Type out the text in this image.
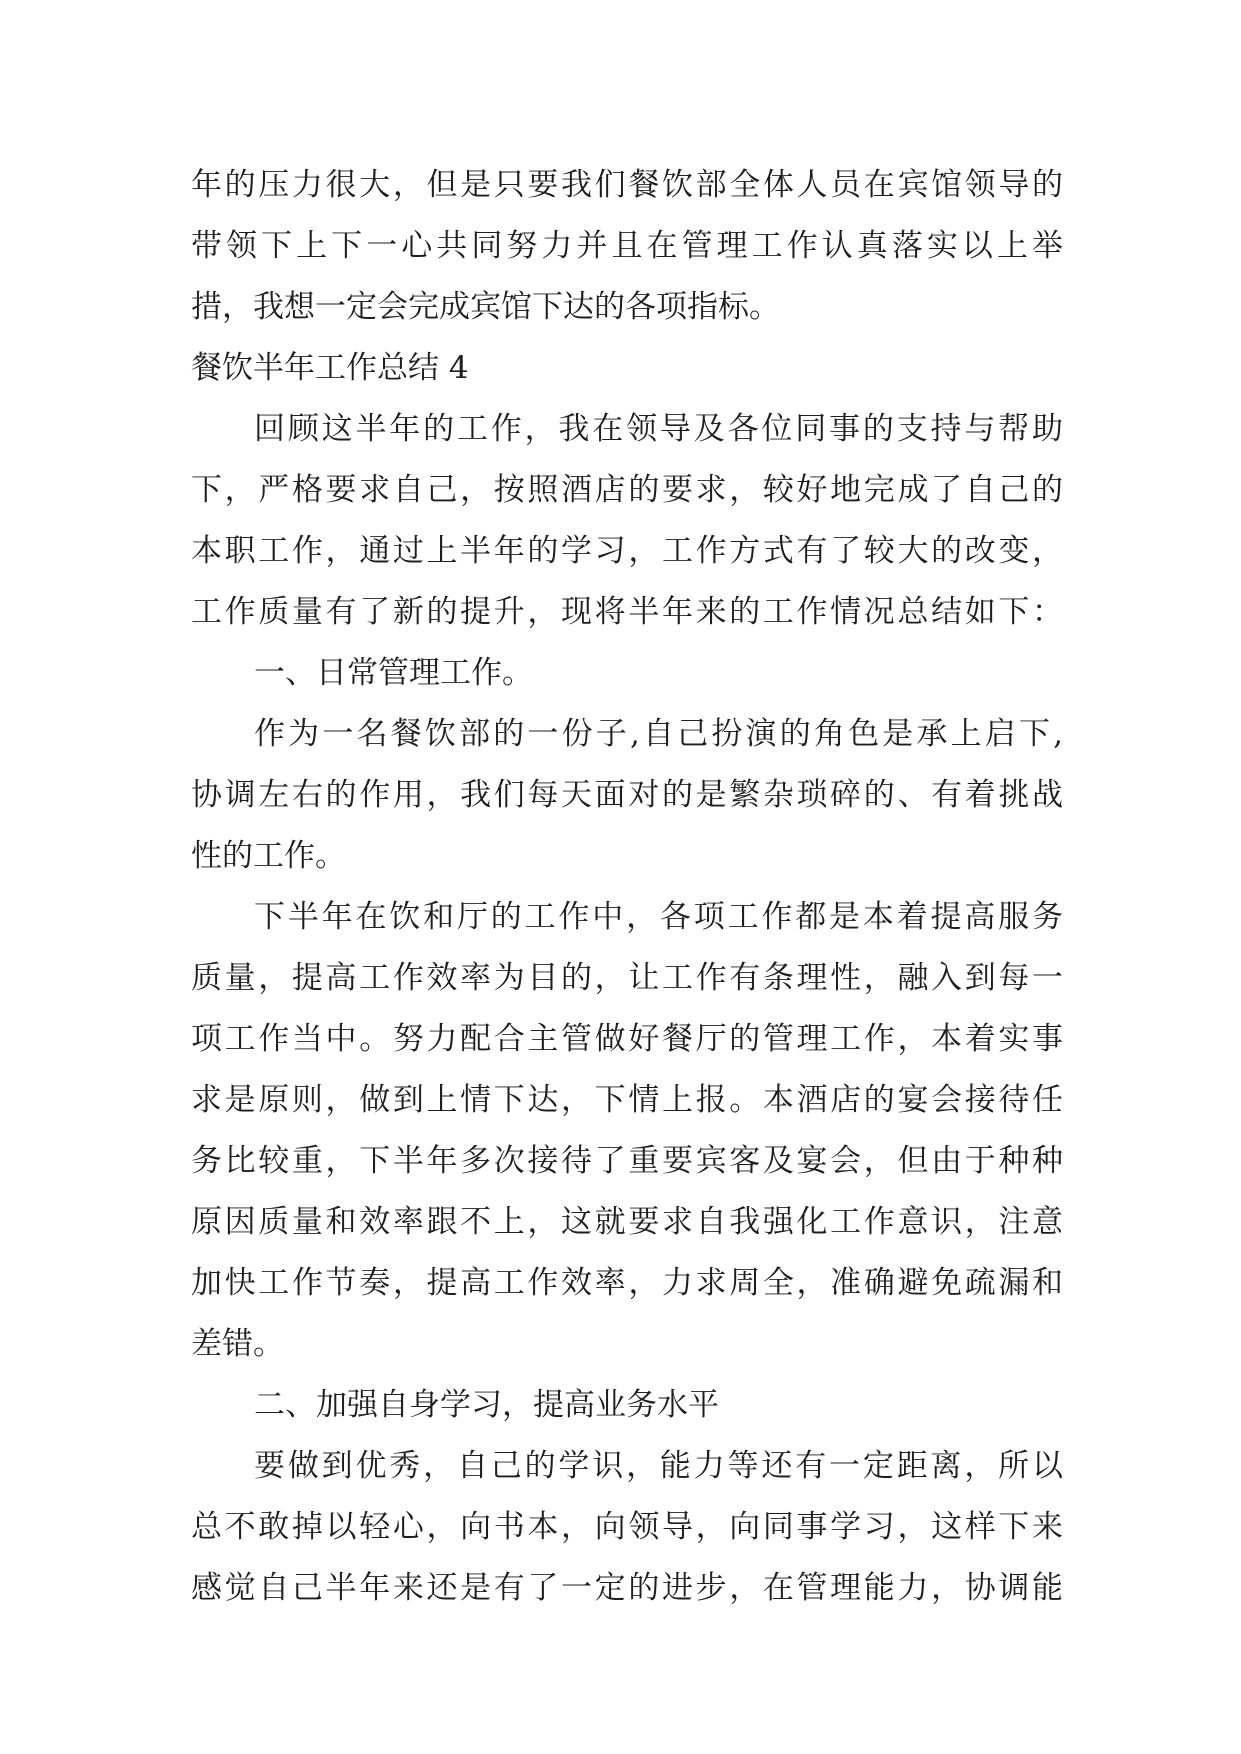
年的压力很大，但是只要我们餐饮部全体人员在宾馆领导的
带领下上下一心共同努力并且在管理工作认真落实以上举
措，我想一定会完成宾馆下达的各项指标。
餐饮半年工作总结 4
回顾这半年的工作，我在领导及各位同事的支持与帮助
下，严格要求自己，按照酒店的要求，较好地完成了自己的
本职工作，通过上半年的学习，工作方式有了较大的改变，
工作质量有了新的提升，现将半年来的工作情况总结如下：
一、日常管理工作。
作为一名餐饮部的一份子,自己扮演的角色是承上启下,
协调左右的作用，我们每天面对的是繁杂琐碎的、有着挑战
性的工作。
下半年在饮和厅的工作中，各项工作都是本着提高服务
质量，提高工作效率为目的，让工作有条理性，融入到每一
项工作当中。努力配合主管做好餐厅的管理工作，本着实事
求是原则，做到上情下达，下情上报。本酒店的宴会接待任
务比较重，下半年多次接待了重要宾客及宴会，但由于种种
原因质量和效率跟不上，这就要求自我强化工作意识，注意
加快工作节奏，提高工作效率，力求周全，准确避免疏漏和
差错。
二、加强自身学习，提高业务水平
要做到优秀，自己的学识，能力等还有一定距离，所以
总不敢掉以轻心，向书本，向领导，向同事学习，这样下来
感觉自己半年来还是有了一定的进步，在管理能力，协调能
